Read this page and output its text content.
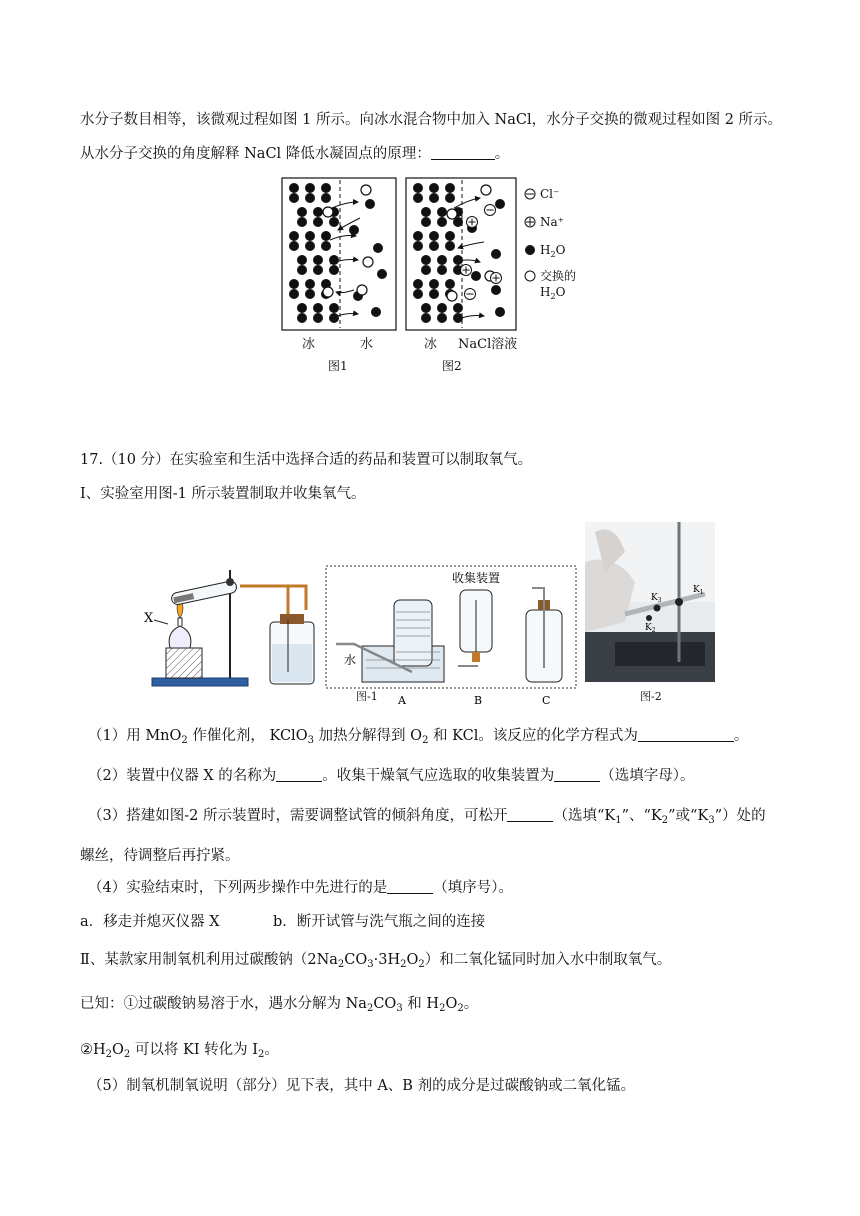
水分子数目相等，该微观过程如图 1 所示。向冰水混合物中加入 NaCl，水分子交换的微观过程如图 2 所示。
从水分子交换的角度解释 NaCl 降低水凝固点的原理：	。
Cl⁻
Na⁺
$H_2O$
交换的
$H_2O$
冰	水	冰 NaCl溶液
图1	图2
17.（10 分）在实验室和生活中选择合适的药品和装置可以制取氧气。
Ⅰ、实验室用图-1 所示装置制取并收集氧气。
X
水
收集装置
A	B	C
图-1
$K_1$
$K_3$
$K_2$
图-2
（1）用 MnO$_2$ 作催化剂， KClO$_3$ 加热分解得到 $O_2$ 和 KCl。该反应的化学方程式为	。
（2）装置中仪器 X 的名称为	。收集干燥氧气应选取的收集装置为	（选填字母）。
（3）搭建如图-2 所示装置时，需要调整试管的倾斜角度，可松开	（选填“$K_1$”、“$K_2$”或“$K_3$”）处的
螺丝，待调整后再拧紧。
（4）实验结束时，下列两步操作中先进行的是	（填序号）。
a．移走并熄灭仪器 X	b．断开试管与洗气瓶之间的连接
Ⅱ、某款家用制氧机利用过碳酸钠$(2Na_2CO_3\cdot 3H_2O_2)$和二氧化锰同时加入水中制取氧气。
已知：①过碳酸钠易溶于水，遇水分解为 $Na_2CO_3$ 和 $H_2O_2$。
$②H_2O_2$ 可以将 KI 转化为 $I_2$。
（5）制氧机制氧说明（部分）见下表，其中 A、B 剂的成分是过碳酸钠或二氧化锰。
